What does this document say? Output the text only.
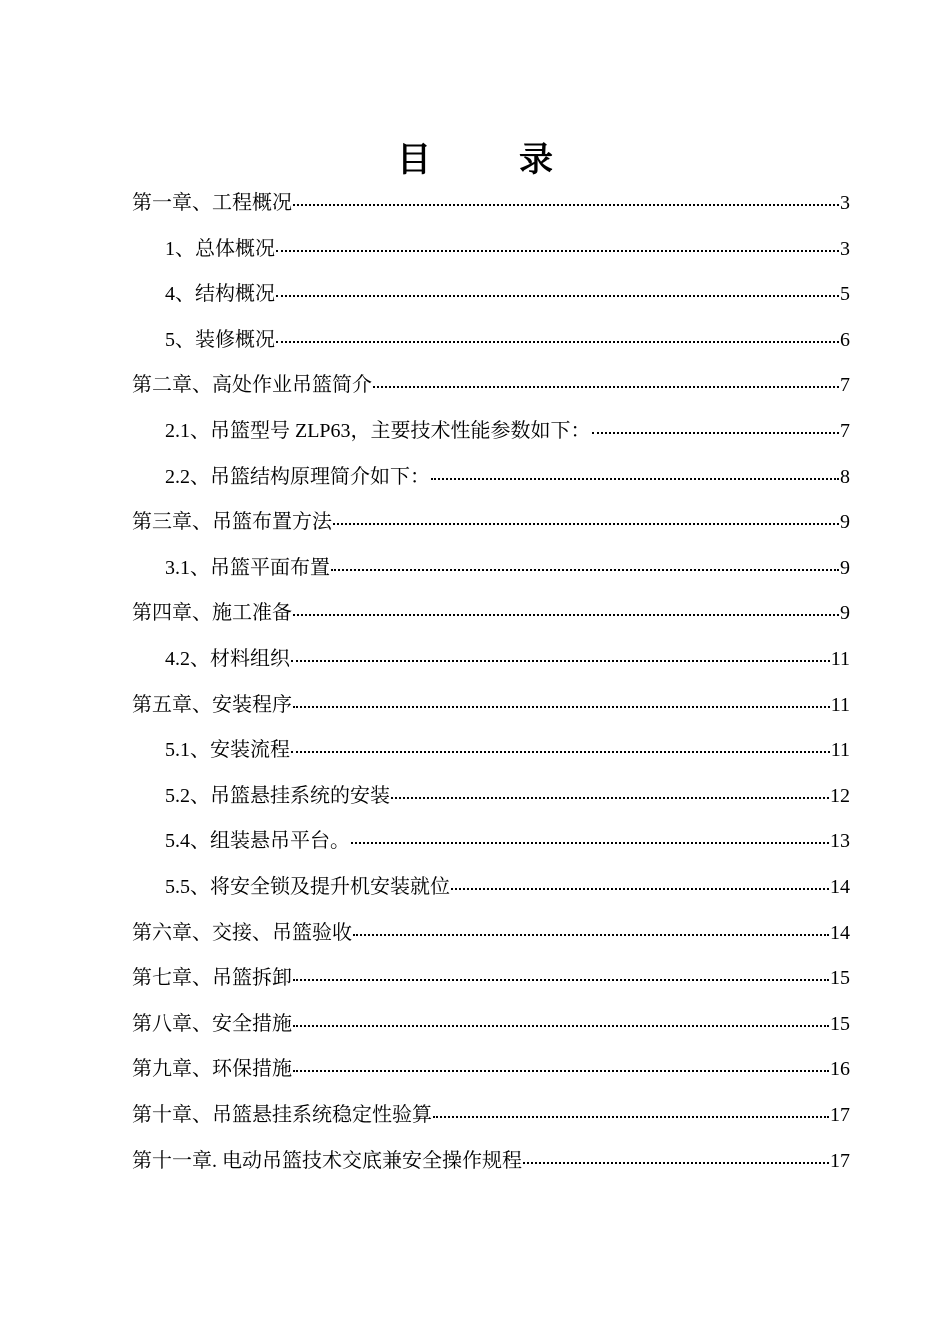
目	录
第一章、工程概况	3
1、总体概况	3
4、结构概况	5
5、装修概况	6
第二章、高处作业吊篮简介	7
2.1、吊篮型号 ZLP63，主要技术性能参数如下：	7
2.2、吊篮结构原理简介如下：	8
第三章、吊篮布置方法	9
3.1、吊篮平面布置	9
第四章、施工准备	9
4.2、材料组织	11
第五章、安装程序	11
5.1、安装流程	11
5.2、吊篮悬挂系统的安装	12
5.4、组装悬吊平台。	13
5.5、将安全锁及提升机安装就位	14
第六章、交接、吊篮验收	14
第七章、吊篮拆卸	15
第八章、安全措施	15
第九章、环保措施	16
第十章、吊篮悬挂系统稳定性验算	17
第十一章. 电动吊篮技术交底兼安全操作规程	17
